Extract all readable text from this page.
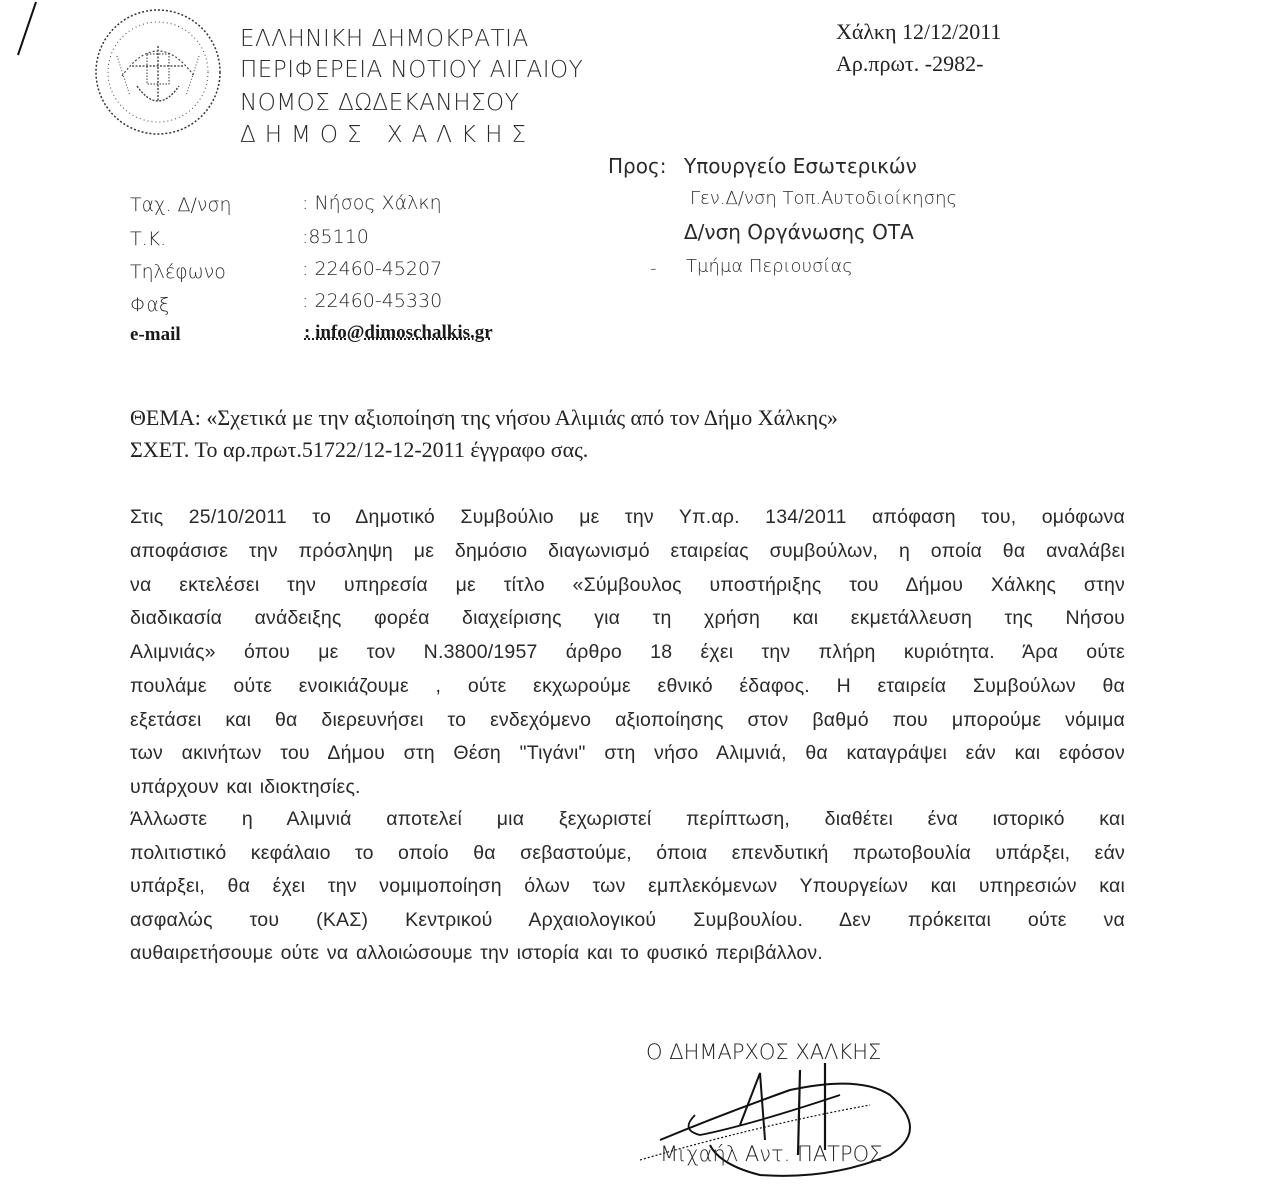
ΕΛΛΗΝΙΚΗ ΔΗΜΟΚΡΑΤΙΑ
ΠΕΡΙΦΕΡΕΙΑ ΝΟΤΙΟΥ ΑΙΓΑΙΟΥ
ΝΟΜΟΣ ΔΩΔΕΚΑΝΗΣΟΥ
ΔΗΜΟΣ ΧΑΛΚΗΣ
Χάλκη 12/12/2011
Αρ.πρωτ. -2982-
Προς: Υπουργείο Εσωτερικών
Γεν.Δ/νση Τοπ.Αυτοδιοίκησης
Δ/νση Οργάνωσης ΟΤΑ
- Τμήμα Περιουσίας
Ταχ. Δ/νση	: Νήσος Χάλκη
Τ.Κ.	:85110
Τηλέφωνο	: 22460-45207
Φαξ	: 22460-45330
e-mail	: info@dimoschalkis.gr
ΘΕΜΑ: «Σχετικά με την αξιοποίηση της νήσου Αλιμιάς από τον Δήμο Χάλκης»
ΣΧΕΤ. Το αρ.πρωτ.51722/12-12-2011 έγγραφο σας.
Στις 25/10/2011 το Δημοτικό Συμβούλιο με την Υπ.αρ. 134/2011 απόφαση του, ομόφωνα
αποφάσισε την πρόσληψη με δημόσιο διαγωνισμό εταιρείας συμβούλων, η οποία θα αναλάβει
να εκτελέσει την υπηρεσία με τίτλο «Σύμβουλος υποστήριξης του Δήμου Χάλκης στην
διαδικασία ανάδειξης φορέα διαχείρισης για τη χρήση και εκμετάλλευση της Νήσου
Αλιμνιάς» όπου με τον Ν.3800/1957 άρθρο 18 έχει την πλήρη κυριότητα. Άρα ούτε
πουλάμε ούτε ενοικιάζουμε , ούτε εκχωρούμε εθνικό έδαφος. Η εταιρεία Συμβούλων θα
εξετάσει και θα διερευνήσει το ενδεχόμενο αξιοποίησης στον βαθμό που μπορούμε νόμιμα
των ακινήτων του Δήμου στη Θέση "Τιγάνι" στη νήσο Αλιμνιά, θα καταγράψει εάν και εφόσον
υπάρχουν και ιδιοκτησίες.
Άλλωστε η Αλιμνιά αποτελεί μια ξεχωριστεί περίπτωση, διαθέτει ένα ιστορικό και
πολιτιστικό κεφάλαιο το οποίο θα σεβαστούμε, όποια επενδυτική πρωτοβουλία υπάρξει, εάν
υπάρξει, θα έχει την νομιμοποίηση όλων των εμπλεκόμενων Υπουργείων και υπηρεσιών και
ασφαλώς του (ΚΑΣ) Κεντρικού Αρχαιολογικού Συμβουλίου. Δεν πρόκειται ούτε να
αυθαιρετήσουμε ούτε να αλλοιώσουμε την ιστορία και το φυσικό περιβάλλον.
Ο ΔΗΜΑΡΧΟΣ ΧΑΛΚΗΣ
Μιχαήλ Αντ. ΠΑΤΡΟΣ
